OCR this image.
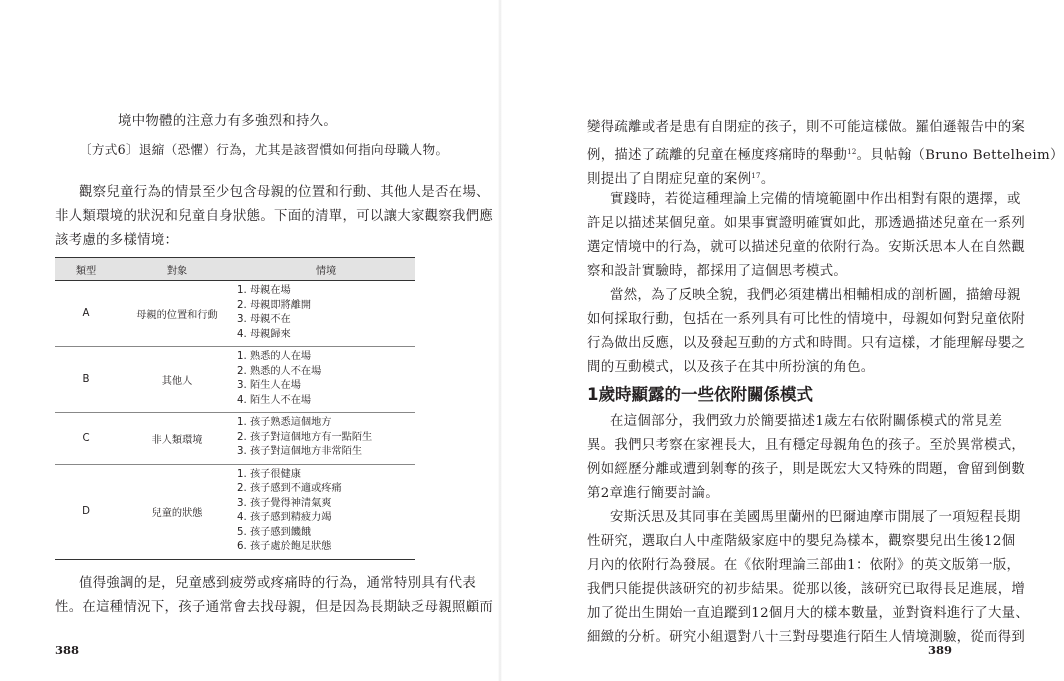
境中物體的注意力有多強烈和持久。

〔方式6〕退縮（恐懼）行為，尤其是該習慣如何指向母職人物。

觀察兒童行為的情景至少包含母親的位置和行動、其他人是否在場、

非人類環境的狀況和兒童自身狀態。下面的清單，可以讓大家觀察我們應

該考慮的多樣情境：

類型	對象	情境
A	母親的位置和行動
1. 母親在場
2. 母親即將離開
3. 母親不在
4. 母親歸來
B	其他人
1. 熟悉的人在場
2. 熟悉的人不在場
3. 陌生人在場
4. 陌生人不在場
C	非人類環境
1. 孩子熟悉這個地方
2. 孩子對這個地方有一點陌生
3. 孩子對這個地方非常陌生
D	兒童的狀態
1. 孩子很健康
2. 孩子感到不適或疼痛
3. 孩子覺得神清氣爽
4. 孩子感到精疲力竭
5. 孩子感到饑餓
6. 孩子處於飽足狀態

值得強調的是，兒童感到疲勞或疼痛時的行為，通常特別具有代表

性。在這種情況下，孩子通常會去找母親，但是因為長期缺乏母親照顧而

388

變得疏離或者是患有自閉症的孩子，則不可能這樣做。羅伯遜報告中的案

例，描述了疏離的兒童在極度疼痛時的舉動$^{12}$。貝帖翰（Bruno Bettelheim）

則提出了自閉症兒童的案例$^{17}$。

實踐時，若從這種理論上完備的情境範圍中作出相對有限的選擇，或

許足以描述某個兒童。如果事實證明確實如此，那透過描述兒童在一系列

選定情境中的行為，就可以描述兒童的依附行為。安斯沃思本人在自然觀

察和設計實驗時，都採用了這個思考模式。

當然，為了反映全貌，我們必須建構出相輔相成的剖析圖，描繪母親

如何採取行動，包括在一系列具有可比性的情境中，母親如何對兒童依附

行為做出反應，以及發起互動的方式和時間。只有這樣，才能理解母嬰之

間的互動模式，以及孩子在其中所扮演的角色。

1歲時顯露的一些依附關係模式

在這個部分，我們致力於簡要描述1歲左右依附關係模式的常見差

異。我們只考察在家裡長大，且有穩定母親角色的孩子。至於異常模式，

例如經歷分離或遭到剝奪的孩子，則是既宏大又特殊的問題，會留到倒數

第2章進行簡要討論。

安斯沃思及其同事在美國馬里蘭州的巴爾迪摩市開展了一項短程長期

性研究，選取白人中產階級家庭中的嬰兒為樣本，觀察嬰兒出生後12個

月內的依附行為發展。在《依附理論三部曲1：依附》的英文版第一版，

我們只能提供該研究的初步結果。從那以後，該研究已取得長足進展，增

加了從出生開始一直追蹤到12個月大的樣本數量，並對資料進行了大量、

細緻的分析。研究小組還對八十三對母嬰進行陌生人情境測驗，從而得到

389
